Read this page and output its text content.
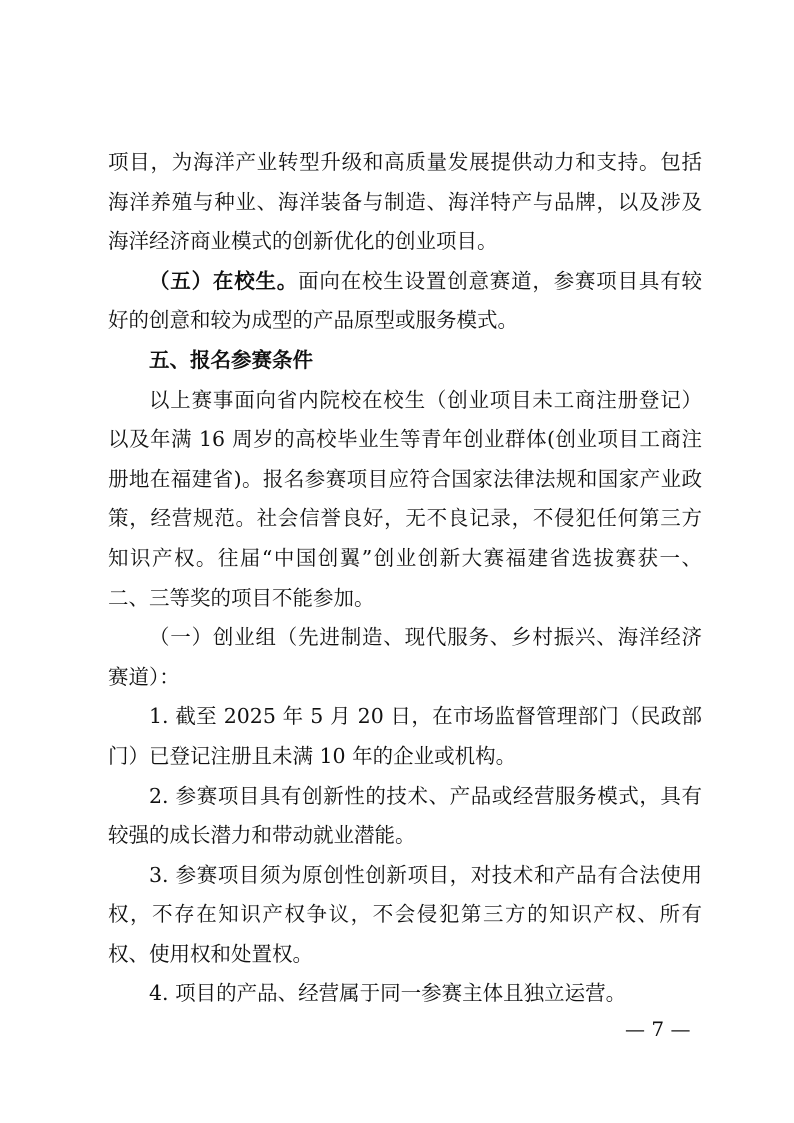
项目，为海洋产业转型升级和高质量发展提供动力和支持。包括海洋养殖与种业、海洋装备与制造、海洋特产与品牌，以及涉及海洋经济商业模式的创新优化的创业项目。

（五）在校生。面向在校生设置创意赛道，参赛项目具有较好的创意和较为成型的产品原型或服务模式。

五、报名参赛条件

以上赛事面向省内院校在校生（创业项目未工商注册登记）以及年满 16 周岁的高校毕业生等青年创业群体(创业项目工商注册地在福建省)。报名参赛项目应符合国家法律法规和国家产业政策，经营规范。社会信誉良好，无不良记录，不侵犯任何第三方知识产权。往届“中国创翼”创业创新大赛福建省选拔赛获一、二、三等奖的项目不能参加。

（一）创业组（先进制造、现代服务、乡村振兴、海洋经济赛道）：

1. 截至 2025 年 5 月 20 日，在市场监督管理部门（民政部门）已登记注册且未满 10 年的企业或机构。

2. 参赛项目具有创新性的技术、产品或经营服务模式，具有较强的成长潜力和带动就业潜能。

3. 参赛项目须为原创性创新项目，对技术和产品有合法使用权，不存在知识产权争议，不会侵犯第三方的知识产权、所有权、使用权和处置权。

4. 项目的产品、经营属于同一参赛主体且独立运营。

— 7 —
